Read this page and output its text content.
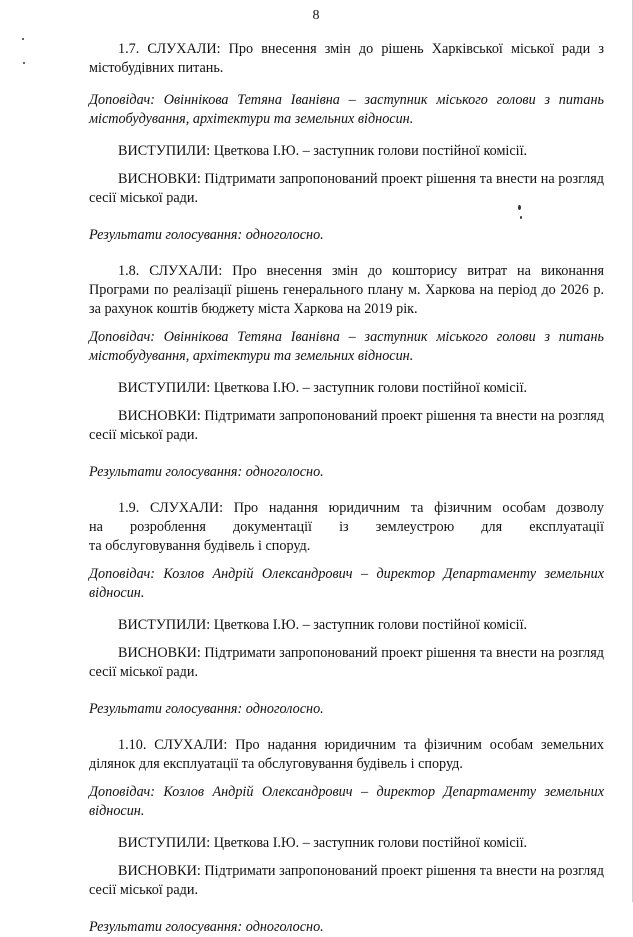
8

1.7. СЛУХАЛИ: Про внесення змін до рішень Харківської міської ради з містобудівних питань.

Доповідач: Овіннікова Тетяна Іванівна – заступник міського голови з питань містобудування, архітектури та земельних відносин.

ВИСТУПИЛИ: Цветкова І.Ю. – заступник голови постійної комісії.

ВИСНОВКИ: Підтримати запропонований проект рішення та внести на розгляд сесії міської ради.

Результати голосування: одноголосно.

1.8. СЛУХАЛИ: Про внесення змін до кошторису витрат на виконання Програми по реалізації рішень генерального плану м. Харкова на період до 2026 р. за рахунок коштів бюджету міста Харкова на 2019 рік.

Доповідач: Овіннікова Тетяна Іванівна – заступник міського голови з питань містобудування, архітектури та земельних відносин.

ВИСТУПИЛИ: Цветкова І.Ю. – заступник голови постійної комісії.

ВИСНОВКИ: Підтримати запропонований проект рішення та внести на розгляд сесії міської ради.

Результати голосування: одноголосно.

1.9. СЛУХАЛИ: Про надання юридичним та фізичним особам дозволу
на розроблення документації із землеустрою для експлуатації
та обслуговування будівель і споруд.

Доповідач: Козлов Андрій Олександрович – директор Департаменту земельних відносин.

ВИСТУПИЛИ: Цветкова І.Ю. – заступник голови постійної комісії.

ВИСНОВКИ: Підтримати запропонований проект рішення та внести на розгляд сесії міської ради.

Результати голосування: одноголосно.

1.10. СЛУХАЛИ: Про надання юридичним та фізичним особам земельних ділянок для експлуатації та обслуговування будівель і споруд.

Доповідач: Козлов Андрій Олександрович – директор Департаменту земельних відносин.

ВИСТУПИЛИ: Цветкова І.Ю. – заступник голови постійної комісії.

ВИСНОВКИ: Підтримати запропонований проект рішення та внести на розгляд сесії міської ради.

Результати голосування: одноголосно.
